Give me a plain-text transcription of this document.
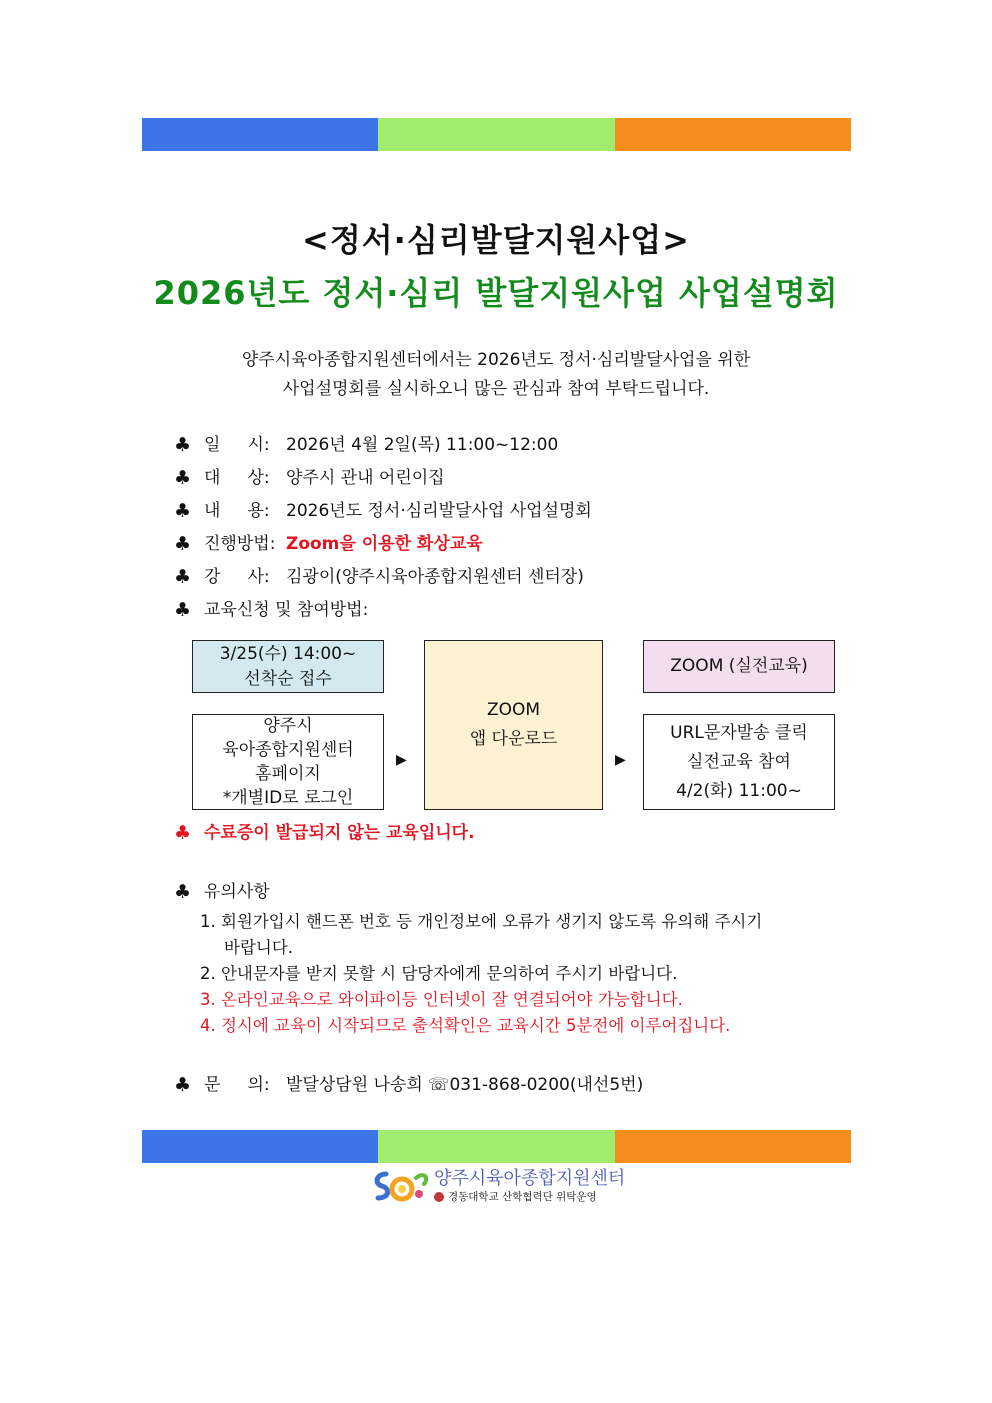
<정서·심리발달지원사업>
2026년도 정서·심리 발달지원사업 사업설명회
양주시육아종합지원센터에서는 2026년도 정서·심리발달사업을 위한
사업설명회를 실시하오니 많은 관심과 참여 부탁드립니다.
♣ 일     시: 2026년 4월 2일(목) 11:00~12:00
♣ 대     상: 양주시 관내 어린이집
♣ 내     용: 2026년도 정서·심리발달사업 사업설명회
♣ 진행방법: Zoom을 이용한 화상교육
♣ 강     사: 김광이(양주시육아종합지원센터 센터장)
♣ 교육신청 및 참여방법:
3/25(수) 14:00~
선착순 접수
양주시
육아종합지원센터
홈페이지
*개별ID로 로그인
▶
ZOOM
앱 다운로드
▶
ZOOM (실전교육)
URL문자발송 클릭
실전교육 참여
4/2(화) 11:00~
♣ 수료증이 발급되지 않는 교육입니다.
♣ 유의사항
1. 회원가입시 핸드폰 번호 등 개인정보에 오류가 생기지 않도록 유의해 주시기
바랍니다.
2. 안내문자를 받지 못할 시 담당자에게 문의하여 주시기 바랍니다.
3. 온라인교육으로 와이파이등 인터넷이 잘 연결되어야 가능합니다.
4. 정시에 교육이 시작되므로 출석확인은 교육시간 5분전에 이루어집니다.
♣ 문     의: 발달상담원 나송희 ☏031-868-0200(내선5번)
양주시육아종합지원센터
경동대학교 산학협력단 위탁운영
